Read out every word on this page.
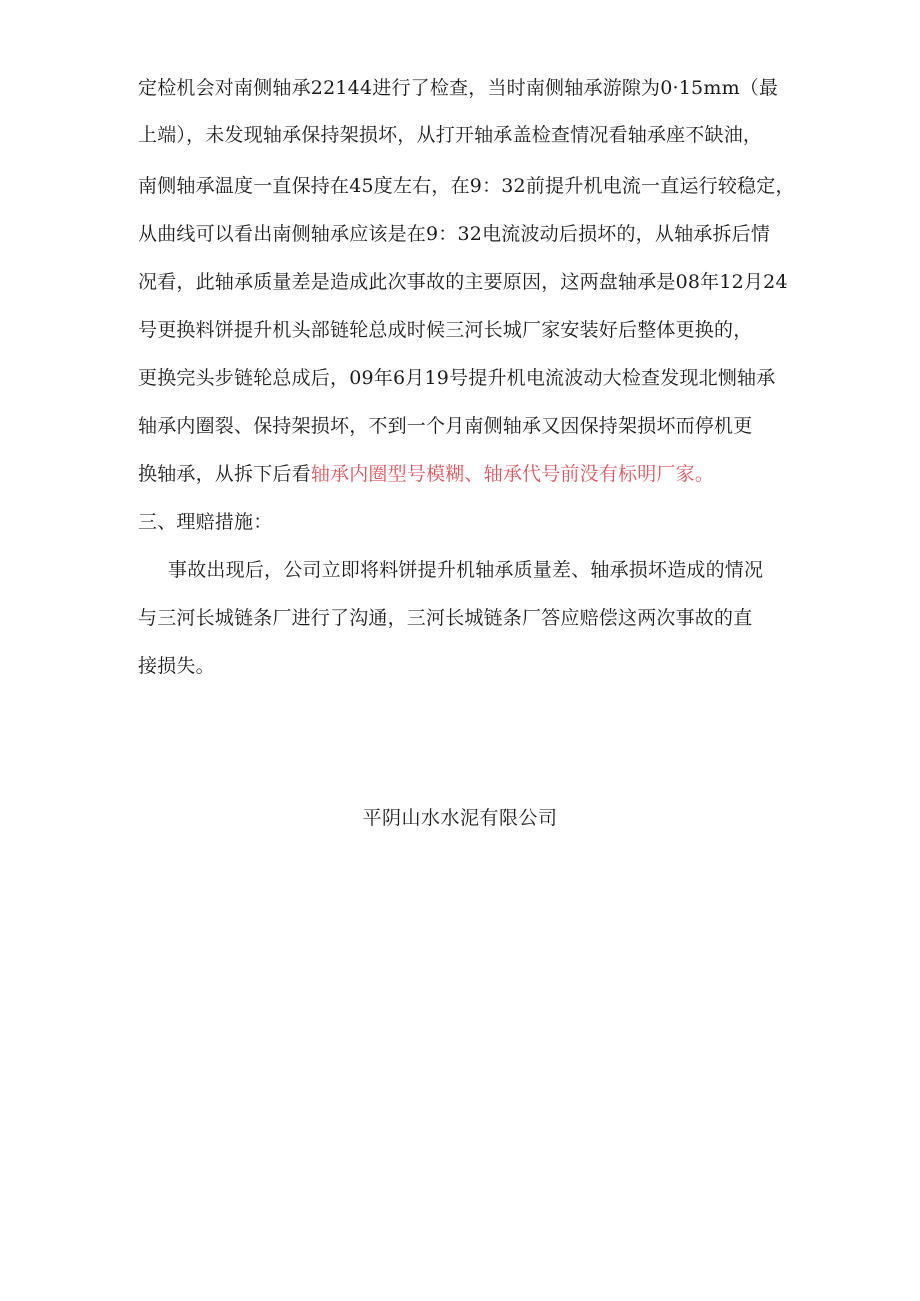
定检机会对南侧轴承22144进行了检查，当时南侧轴承游隙为0·15mm（最
上端），未发现轴承保持架损坏，从打开轴承盖检查情况看轴承座不缺油，
南侧轴承温度一直保持在45度左右，在9：32前提升机电流一直运行较稳定，
从曲线可以看出南侧轴承应该是在9：32电流波动后损坏的，从轴承拆后情
况看，此轴承质量差是造成此次事故的主要原因，这两盘轴承是08年12月24
号更换料饼提升机头部链轮总成时候三河长城厂家安装好后整体更换的，
更换完头步链轮总成后，09年6月19号提升机电流波动大检查发现北恻轴承
轴承内圈裂、保持架损坏，不到一个月南侧轴承又因保持架损坏而停机更
换轴承，从拆下后看轴承内圈型号模糊、轴承代号前没有标明厂家。
三、理赔措施：
事故出现后，公司立即将料饼提升机轴承质量差、轴承损坏造成的情况
与三河长城链条厂进行了沟通，三河长城链条厂答应赔偿这两次事故的直
接损失。
平阴山水水泥有限公司
